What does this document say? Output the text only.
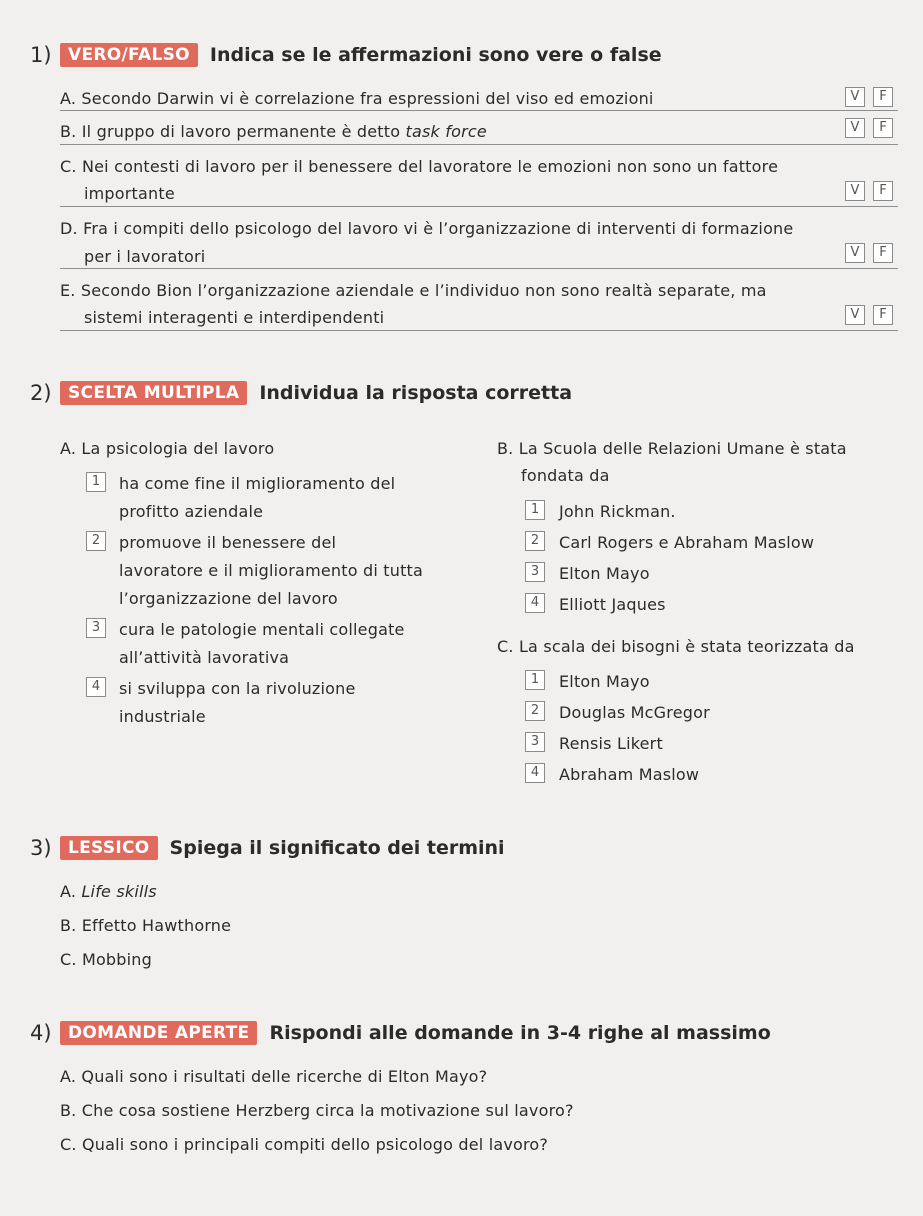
1) VERO/FALSO	Indica se le affermazioni sono vere o false
A. Secondo Darwin vi è correlazione fra espressioni del viso ed emozioni	V	F
B. Il gruppo di lavoro permanente è detto task force	V	F
C. Nei contesti di lavoro per il benessere del lavoratore le emozioni non sono un fattore
importante	V	F
D. Fra i compiti dello psicologo del lavoro vi è l’organizzazione di interventi di formazione
per i lavoratori	V	F
E. Secondo Bion l’organizzazione aziendale e l’individuo non sono realtà separate, ma
sistemi interagenti e interdipendenti	V	F
2) SCELTA MULTIPLA	Individua la risposta corretta
A. La psicologia del lavoro
1	ha come fine il miglioramento del
profitto aziendale
2	promuove il benessere del
lavoratore e il miglioramento di tutta
l’organizzazione del lavoro
3	cura le patologie mentali collegate
all’attività lavorativa
4	si sviluppa con la rivoluzione
industriale
B. La Scuola delle Relazioni Umane è stata
fondata da
1	John Rickman.
2	Carl Rogers e Abraham Maslow
3	Elton Mayo
4	Elliott Jaques
C. La scala dei bisogni è stata teorizzata da
1	Elton Mayo
2	Douglas McGregor
3	Rensis Likert
4	Abraham Maslow
3) LESSICO	Spiega il significato dei termini
A. Life skills
B. Effetto Hawthorne
C. Mobbing
4) DOMANDE APERTE	Rispondi alle domande in 3-4 righe al massimo
A. Quali sono i risultati delle ricerche di Elton Mayo?
B. Che cosa sostiene Herzberg circa la motivazione sul lavoro?
C. Quali sono i principali compiti dello psicologo del lavoro?
